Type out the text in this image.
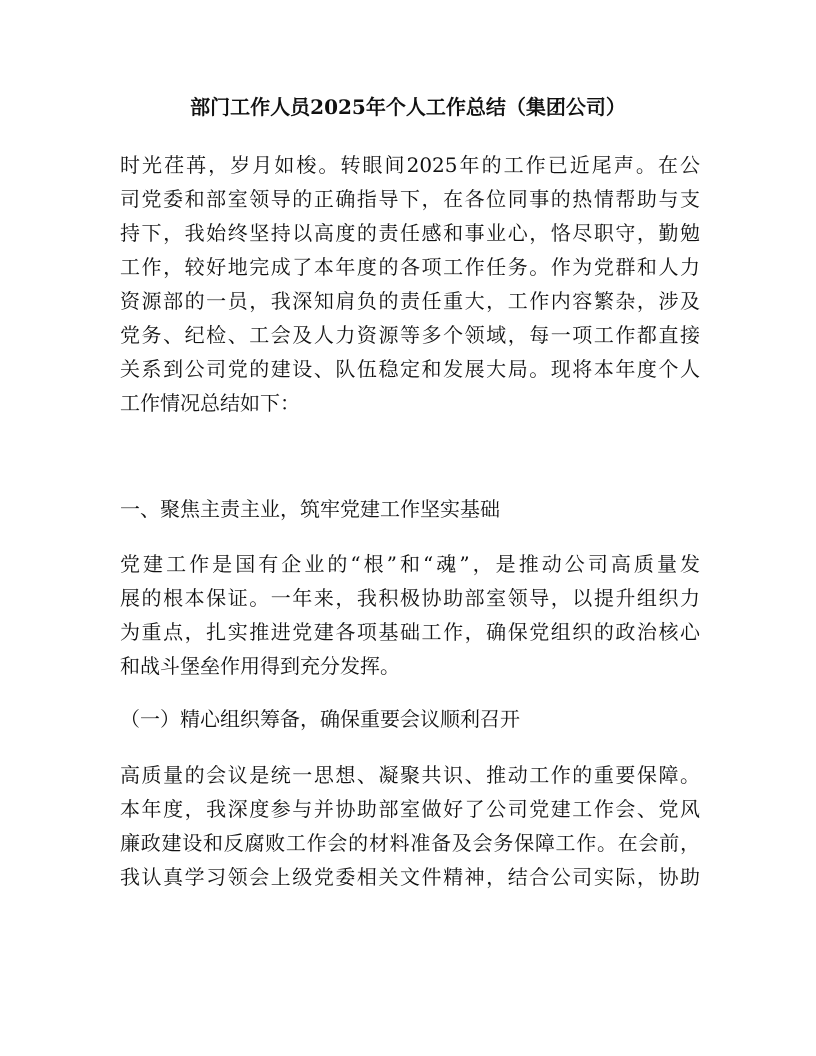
部门工作人员2025年个人工作总结（集团公司）
时光荏苒，岁月如梭。转眼间2025年的工作已近尾声。在公
司党委和部室领导的正确指导下，在各位同事的热情帮助与支
持下，我始终坚持以高度的责任感和事业心，恪尽职守，勤勉
工作，较好地完成了本年度的各项工作任务。作为党群和人力
资源部的一员，我深知肩负的责任重大，工作内容繁杂，涉及
党务、纪检、工会及人力资源等多个领域，每一项工作都直接
关系到公司党的建设、队伍稳定和发展大局。现将本年度个人
工作情况总结如下：
一、聚焦主责主业，筑牢党建工作坚实基础
党建工作是国有企业的“根”和“魂”，是推动公司高质量发
展的根本保证。一年来，我积极协助部室领导，以提升组织力
为重点，扎实推进党建各项基础工作，确保党组织的政治核心
和战斗堡垒作用得到充分发挥。
（一）精心组织筹备，确保重要会议顺利召开
高质量的会议是统一思想、凝聚共识、推动工作的重要保障。
本年度，我深度参与并协助部室做好了公司党建工作会、党风
廉政建设和反腐败工作会的材料准备及会务保障工作。在会前，
我认真学习领会上级党委相关文件精神，结合公司实际，协助
